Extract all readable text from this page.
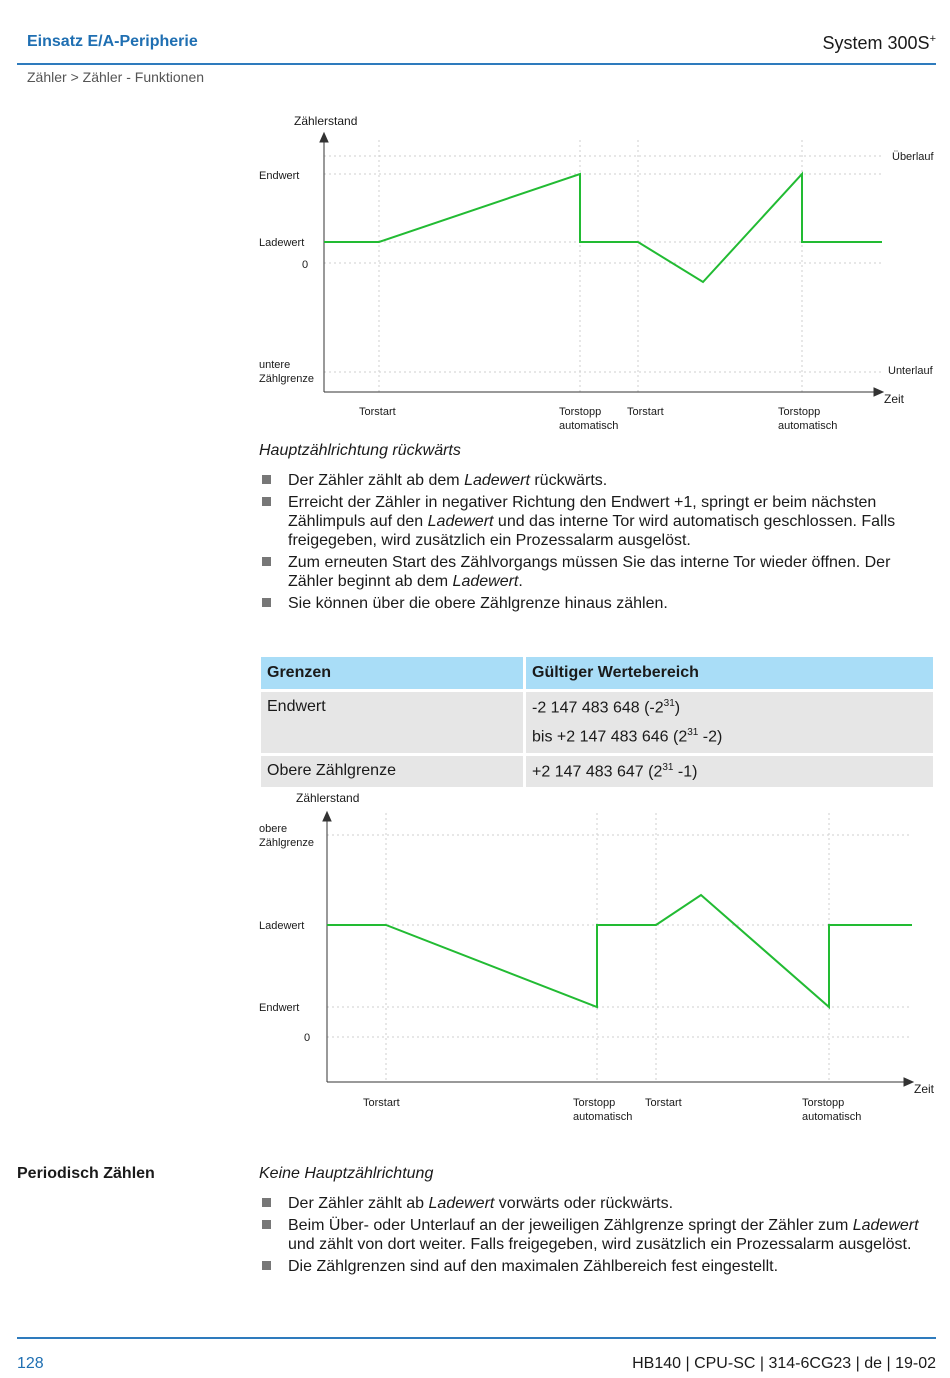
Einsatz E/A-Peripherie	System 300S+
Zähler > Zähler - Funktionen
Zählerstand
Zeit
Endwert
Ladewert
0
untere
Zählgrenze
Überlauf
Unterlauf
Torstart	Torstopp
automatisch
Torstart	Torstopp
automatisch
Hauptzählrichtung rückwärts
Der Zähler zählt ab dem Ladewert rückwärts.
Erreicht der Zähler in negativer Richtung den Endwert +1, springt er beim nächsten Zählimpuls auf den Ladewert und das interne Tor wird automatisch geschlossen. Falls freigegeben, wird zusätzlich ein Prozessalarm ausgelöst.
Zum erneuten Start des Zählvorgangs müssen Sie das interne Tor wieder öffnen. Der Zähler beginnt ab dem Ladewert.
Sie können über die obere Zählgrenze hinaus zählen.
Grenzen	Gültiger Wertebereich
Endwert	-2 147 483 648 $(-2^{31})$
bis +2 147 483 646 ($2^{31}$ -2)

Obere Zählgrenze	+2 147 483 647 ($2^{31}$ -1)
Zählerstand
Zeit
obere
Zählgrenze
Ladewert
Endwert
0
Torstart	Torstopp
automatisch
Torstart	Torstopp
automatisch
Periodisch Zählen	Keine Hauptzählrichtung
Der Zähler zählt ab Ladewert vorwärts oder rückwärts.
Beim Über- oder Unterlauf an der jeweiligen Zählgrenze springt der Zähler zum Ladewert und zählt von dort weiter. Falls freigegeben, wird zusätzlich ein Prozessalarm ausgelöst.
Die Zählgrenzen sind auf den maximalen Zählbereich fest eingestellt.
128	HB140 | CPU-SC | 314-6CG23 | de | 19-02
